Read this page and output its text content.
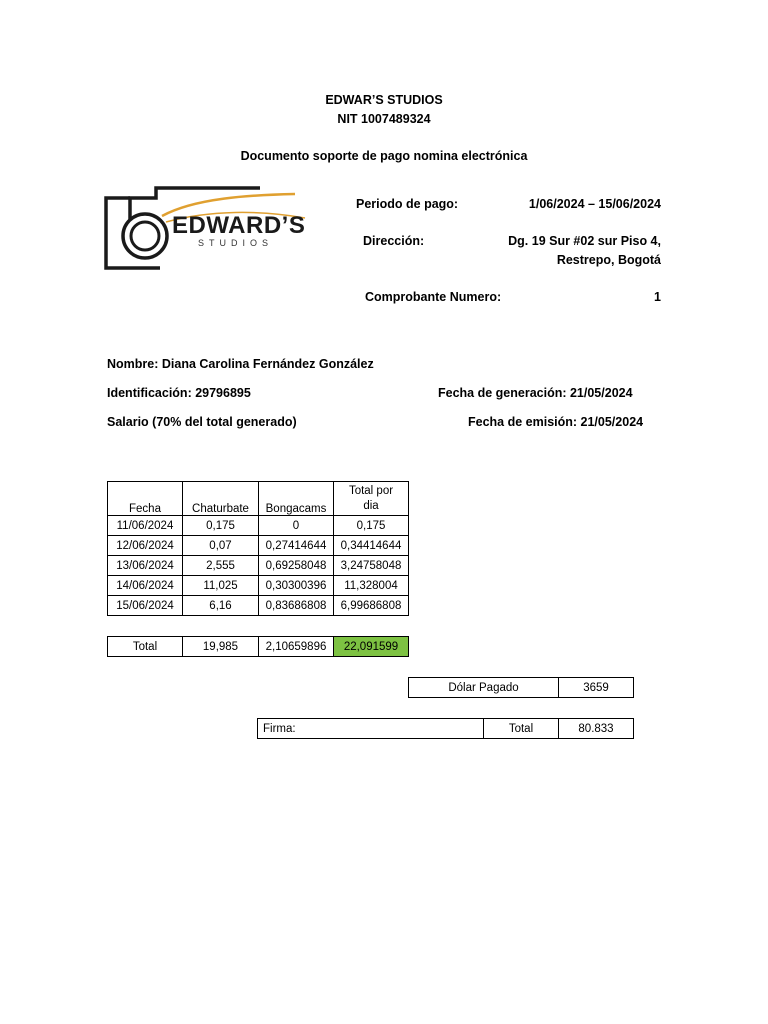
EDWAR’S STUDIOS
NIT 1007489324
Documento soporte de pago nomina electrónica
EDWARD’S
STUDIOS
Periodo de pago:	1/06/2024 – 15/06/2024
Dirección:	Dg. 19 Sur #02 sur Piso 4,
Restrepo, Bogotá
Comprobante Numero:	1
Nombre: Diana Carolina Fernández González
Identificación: 29796895	Fecha de generación: 21/05/2024
Salario (70% del total generado)	Fecha de emisión: 21/05/2024
Fecha	Chaturbate	Bongacams	Total por
dia
11/06/2024	0,175	0	0,175
12/06/2024	0,07	0,27414644	0,34414644
13/06/2024	2,555	0,69258048	3,24758048
14/06/2024	11,025	0,30300396	11,328004
15/06/2024	6,16	0,83686808	6,99686808
Total	19,985	2,10659896	22,091599
Dólar Pagado	3659
Firma:	Total	80.833
